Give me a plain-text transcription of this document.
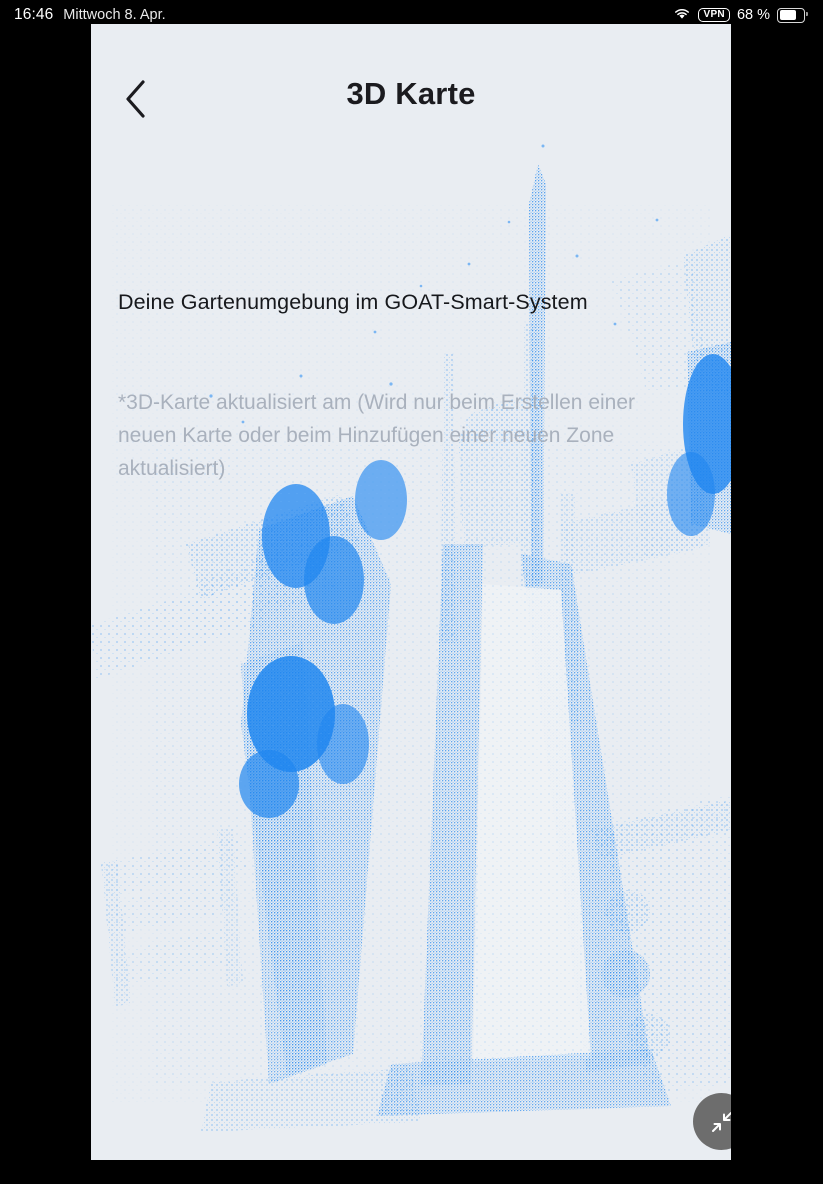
16:46 Mittwoch 8. Apr.	VPN 68 %
3D Karte
Deine Gartenumgebung im GOAT-Smart-System
*3D-Karte aktualisiert am (Wird nur beim Erstellen einer neuen Karte oder beim Hinzufügen einer neuen Zone aktualisiert)
